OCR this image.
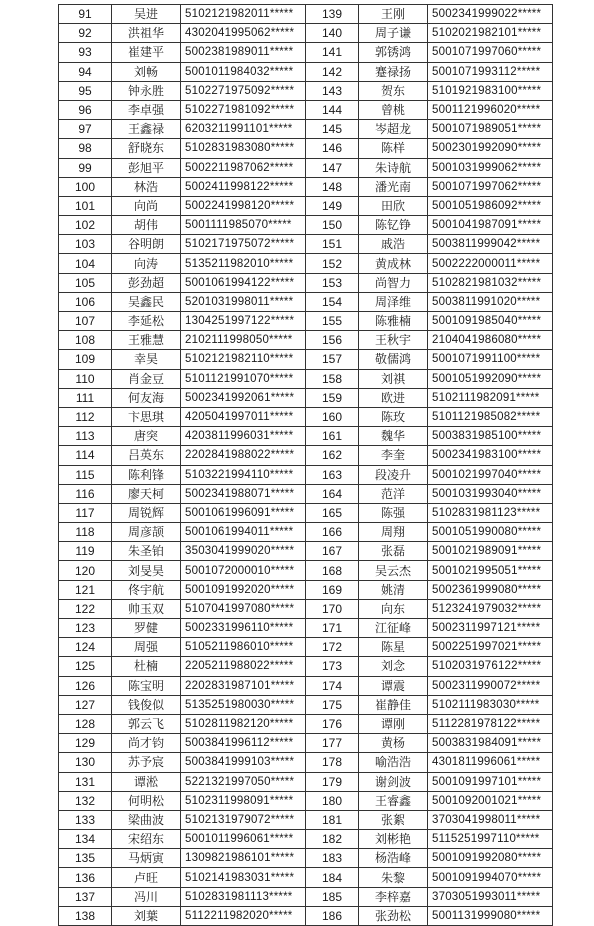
91	吴进	5102121982011*****	139	王刚	5002341999022*****
92	洪祖华	4302041995062*****	140	周子谦	5102021982101*****
93	崔建平	5002381989011*****	141	郭锈鸿	5001071997060*****
94	刘畅	5001011984032*****	142	蹇禄扬	5001071993112*****
95	钟永胜	5102271975092*****	143	贺东	5101921983100*****
96	李卓强	5102271981092*****	144	曾桃	5001121996020*****
97	王鑫禄	6203211991101*****	145	岑超龙	5001071989051*****
98	舒晓东	5102831983080*****	146	陈样	5002301992090*****
99	彭旭平	5002211987062*****	147	朱诗航	5001031999062*****
100	林浩	5002411998122*****	148	潘光南	5001071997062*****
101	向尚	5002241998120*****	149	田欣	5001051986092*****
102	胡伟	5001111985070*****	150	陈钇铮	5001041987091*****
103	谷明朗	5102171975072*****	151	戚浩	5003811999042*****
104	向涛	5135211982010*****	152	黄成林	5002222000011*****
105	彭劲超	5001061994122*****	153	尚智力	5102821981032*****
106	吴鑫民	5201031998011*****	154	周泽维	5003811991020*****
107	李延松	1304251997122*****	155	陈雅楠	5001091985040*****
108	王雅慧	2102111998050*****	156	王秋宇	2104041986080*****
109	幸昊	5102121982110*****	157	敬儒鸿	5001071991100*****
110	肖金豆	5101121991070*****	158	刘祺	5001051992090*****
111	何友海	5002341992061*****	159	欧进	5102111982091*****
112	卞思琪	4205041997011*****	160	陈玫	5101121985082*****
113	唐突	4203811996031*****	161	魏华	5003831985100*****
114	吕英东	2202841988022*****	162	李奎	5002341983100*****
115	陈利锋	5103221994110*****	163	段凌升	5001021997040*****
116	廖天柯	5002341988071*****	164	范洋	5001031993040*****
117	周锐辉	5001061996091*****	165	陈强	5102831981123*****
118	周彦颉	5001061994011*****	166	周翔	5001051990080*****
119	朱圣铂	3503041999020*****	167	张磊	5001021989091*****
120	刘旻昊	5001072000010*****	168	吴云杰	5001021995051*****
121	佟宇航	5001091992020*****	169	姚清	5002361999080*****
122	帅玉双	5107041997080*****	170	向东	5123241979032*****
123	罗健	5002331996110*****	171	江征峰	5002311997121*****
124	周强	5105211986010*****	172	陈星	5002251997021*****
125	杜楠	2205211988022*****	173	刘念	5102031976122*****
126	陈宝明	2202831987101*****	174	谭震	5002311990072*****
127	钱俊似	5135251980030*****	175	崔静佳	5102111983030*****
128	郭云飞	5102811982120*****	176	谭刚	5112281978122*****
129	尚才钧	5003841996112*****	177	黄杨	5003831984091*****
130	苏予宸	5003841999103*****	178	喻浩浩	4301811996061*****
131	谭淞	5221321997050*****	179	谢剑波	5001091997101*****
132	何明松	5102311998091*****	180	王睿鑫	5001092001021*****
133	梁曲波	5102131979072*****	181	张絮	3703041998011*****
134	宋绍东	5001011996061*****	182	刘彬艳	5115251997110*****
135	马炳寅	1309821986101*****	183	杨浩峰	5001091992080*****
136	卢旺	5102141983031*****	184	朱黎	5001091994070*****
137	冯川	5102831981113*****	185	李梓嘉	3703051993011*****
138	刘葉	5112211982020*****	186	张劲松	5001131999080*****
